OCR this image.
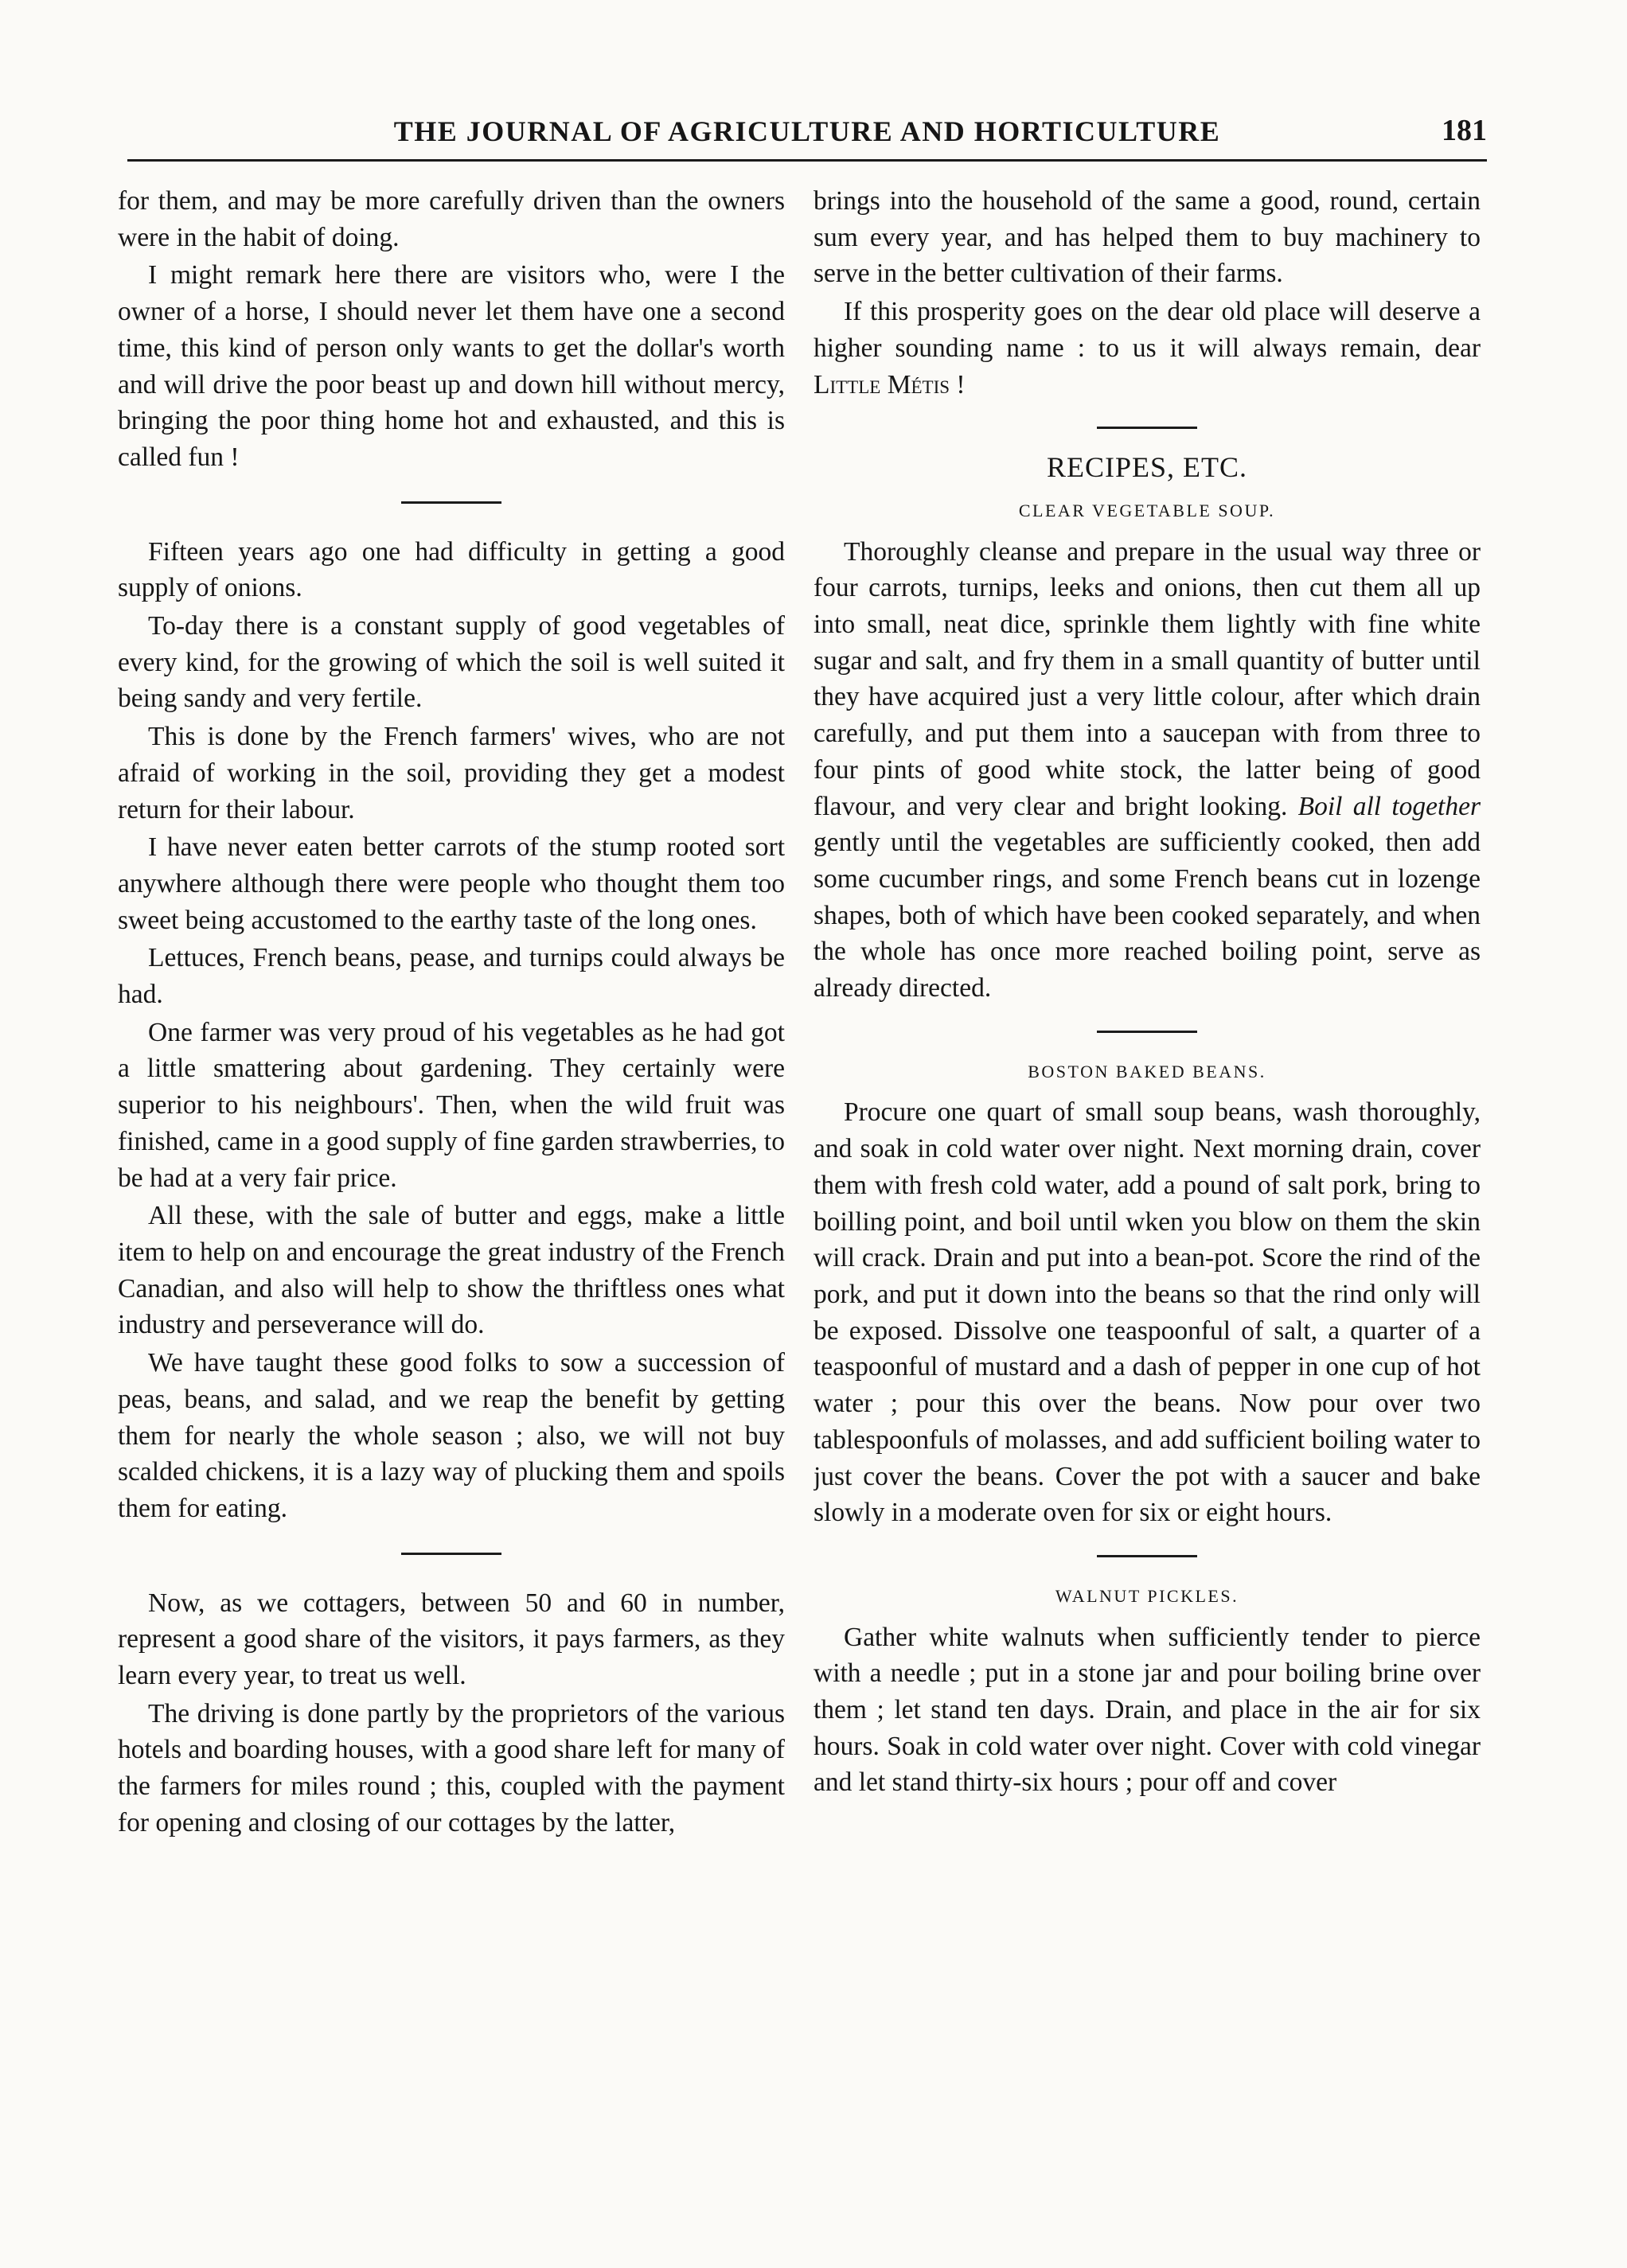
THE JOURNAL OF AGRICULTURE AND HORTICULTURE	181

for them, and may be more carefully driven than the owners were in the habit of doing.

I might remark here there are visitors who, were I the owner of a horse, I should never let them have one a second time, this kind of person only wants to get the dollar's worth and will drive the poor beast up and down hill without mercy, bringing the poor thing home hot and exhausted, and this is called fun !

Fifteen years ago one had difficulty in getting a good supply of onions.

To-day there is a constant supply of good vegetables of every kind, for the growing of which the soil is well suited it being sandy and very fertile.

This is done by the French farmers' wives, who are not afraid of working in the soil, providing they get a modest return for their labour.

I have never eaten better carrots of the stump rooted sort anywhere although there were people who thought them too sweet being accustomed to the earthy taste of the long ones.

Lettuces, French beans, pease, and turnips could always be had.

One farmer was very proud of his vegetables as he had got a little smattering about gardening. They certainly were superior to his neighbours'. Then, when the wild fruit was finished, came in a good supply of fine garden strawberries, to be had at a very fair price.

All these, with the sale of butter and eggs, make a little item to help on and encourage the great industry of the French Canadian, and also will help to show the thriftless ones what industry and perseverance will do.

We have taught these good folks to sow a succession of peas, beans, and salad, and we reap the benefit by getting them for nearly the whole season ; also, we will not buy scalded chickens, it is a lazy way of plucking them and spoils them for eating.

Now, as we cottagers, between 50 and 60 in number, represent a good share of the visitors, it pays farmers, as they learn every year, to treat us well.

The driving is done partly by the proprietors of the various hotels and boarding houses, with a good share left for many of the farmers for miles round ; this, coupled with the payment for opening and closing of our cottages by the latter,

brings into the household of the same a good, round, certain sum every year, and has helped them to buy machinery to serve in the better cultivation of their farms.

If this prosperity goes on the dear old place will deserve a higher sounding name : to us it will always remain, dear Little Métis !

RECIPES, ETC.
CLEAR VEGETABLE SOUP.

Thoroughly cleanse and prepare in the usual way three or four carrots, turnips, leeks and onions, then cut them all up into small, neat dice, sprinkle them lightly with fine white sugar and salt, and fry them in a small quantity of butter until they have acquired just a very little colour, after which drain carefully, and put them into a saucepan with from three to four pints of good white stock, the latter being of good flavour, and very clear and bright looking. Boil all together gently until the vegetables are sufficiently cooked, then add some cucumber rings, and some French beans cut in lozenge shapes, both of which have been cooked separately, and when the whole has once more reached boiling point, serve as already directed.

BOSTON BAKED BEANS.

Procure one quart of small soup beans, wash thoroughly, and soak in cold water over night. Next morning drain, cover them with fresh cold water, add a pound of salt pork, bring to boilling point, and boil until wken you blow on them the skin will crack. Drain and put into a bean-pot. Score the rind of the pork, and put it down into the beans so that the rind only will be exposed. Dissolve one teaspoonful of salt, a quarter of a teaspoonful of mustard and a dash of pepper in one cup of hot water ; pour this over the beans. Now pour over two tablespoonfuls of molasses, and add sufficient boiling water to just cover the beans. Cover the pot with a saucer and bake slowly in a moderate oven for six or eight hours.

WALNUT PICKLES.

Gather white walnuts when sufficiently tender to pierce with a needle ; put in a stone jar and pour boiling brine over them ; let stand ten days. Drain, and place in the air for six hours. Soak in cold water over night. Cover with cold vinegar and let stand thirty-six hours ; pour off and cover
